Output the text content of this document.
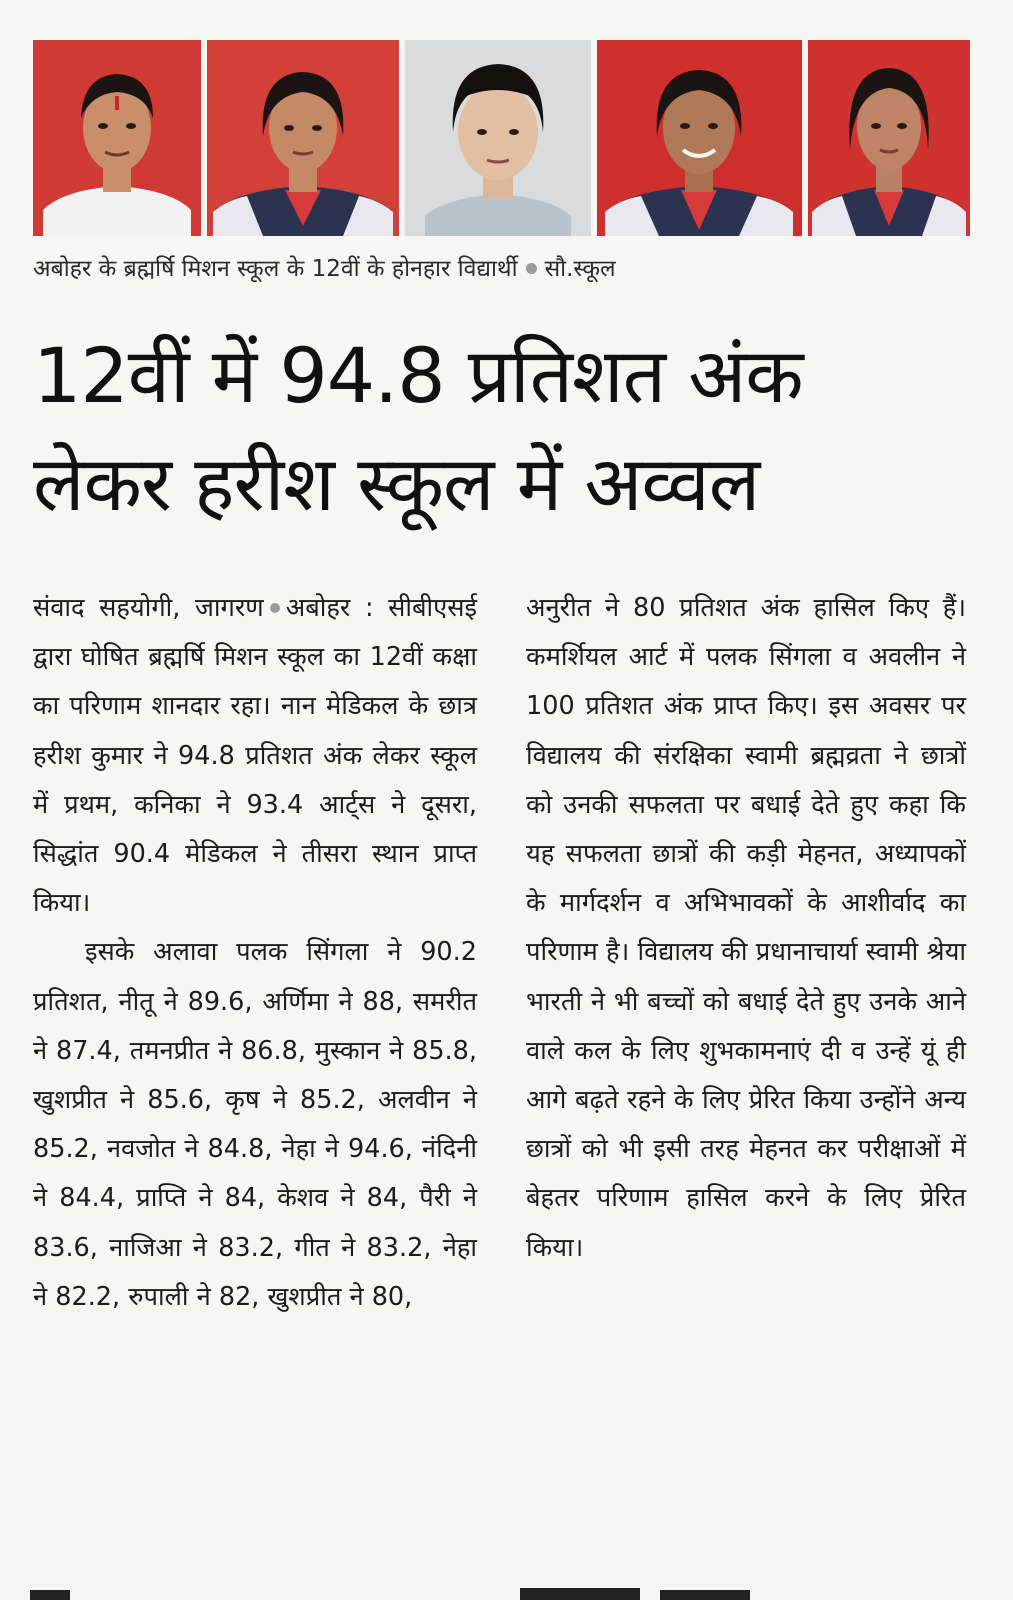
अबोहर के ब्रह्मर्षि मिशन स्कूल के 12वीं के होनहार विद्यार्थी सौ.स्कूल
12वीं में 94.8 प्रतिशत अंक
लेकर हरीश स्कूल में अव्वल

संवाद सहयोगी, जागरण अबोहर : सीबीएसई द्वारा घोषित ब्रह्मर्षि मिशन स्कूल का 12वीं कक्षा का परिणाम शानदार रहा। नान मेडिकल के छात्र हरीश कुमार ने 94.8 प्रतिशत अंक लेकर स्कूल में प्रथम, कनिका ने 93.4 आर्ट्स ने दूसरा, सिद्धांत 90.4 मेडिकल ने तीसरा स्थान प्राप्त किया।

इसके अलावा पलक सिंगला ने 90.2 प्रतिशत, नीतू ने 89.6, अर्णिमा ने 88, समरीत ने 87.4, तमनप्रीत ने 86.8, मुस्कान ने 85.8, खुशप्रीत ने 85.6, कृष ने 85.2, अलवीन ने 85.2, नवजोत ने 84.8, नेहा ने 94.6, नंदिनी ने 84.4, प्राप्ति ने 84, केशव ने 84, पैरी ने 83.6, नाजिआ ने 83.2, गीत ने 83.2, नेहा ने 82.2, रुपाली ने 82, खुशप्रीत ने 80,

अनुरीत ने 80 प्रतिशत अंक हासिल किए हैं। कमर्शियल आर्ट में पलक सिंगला व अवलीन ने 100 प्रतिशत अंक प्राप्त किए। इस अवसर पर विद्यालय की संरक्षिका स्वामी ब्रह्मव्रता ने छात्रों को उनकी सफलता पर बधाई देते हुए कहा कि यह सफलता छात्रों की कड़ी मेहनत, अध्यापकों के मार्गदर्शन व अभिभावकों के आशीर्वाद का परिणाम है। विद्यालय की प्रधानाचार्या स्वामी श्रेया भारती ने भी बच्चों को बधाई देते हुए उनके आने वाले कल के लिए शुभकामनाएं दी व उन्हें यूं ही आगे बढ़ते रहने के लिए प्रेरित किया उन्होंने अन्य छात्रों को भी इसी तरह मेहनत कर परीक्षाओं में बेहतर परिणाम हासिल करने के लिए प्रेरित किया।
